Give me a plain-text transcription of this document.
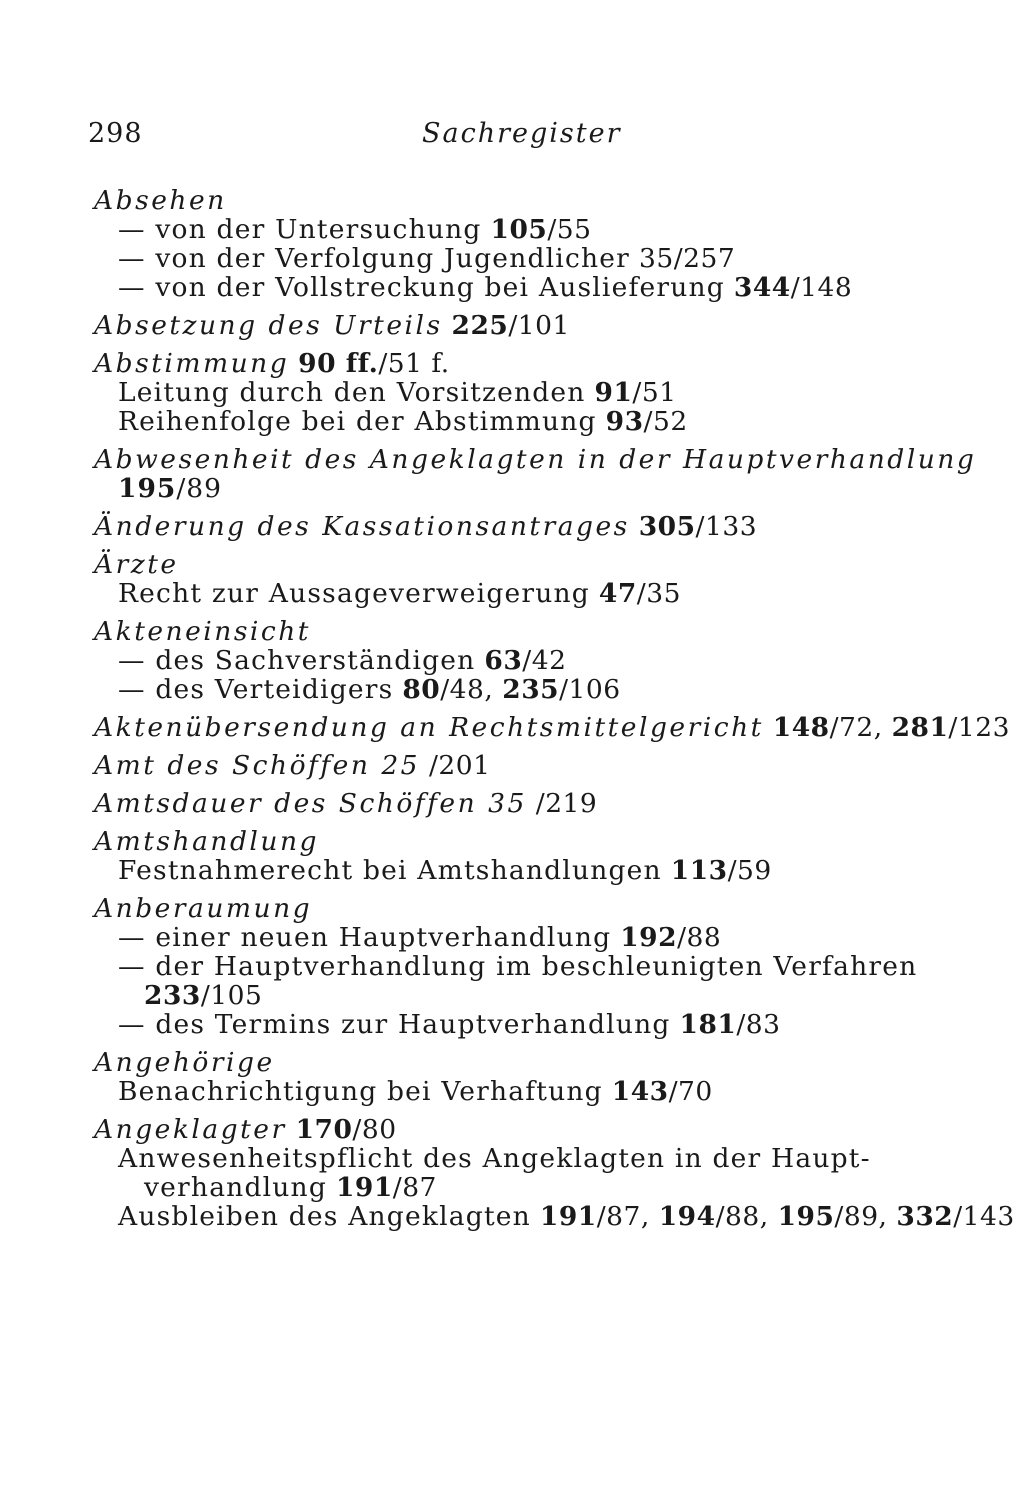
298	Sachregister
Absehen
— von der Untersuchung 105/55
— von der Verfolgung Jugendlicher 35/257
— von der Vollstreckung bei Auslieferung 344/148
Absetzung des Urteils 225/101
Abstimmung 90 ff./51 f.
Leitung durch den Vorsitzenden 91/51
Reihenfolge bei der Abstimmung 93/52
Abwesenheit des Angeklagten in der Hauptverhandlung
195/89
Änderung des Kassationsantrages 305/133
Ärzte
Recht zur Aussageverweigerung 47/35
Akteneinsicht
— des Sachverständigen 63/42
— des Verteidigers 80/48, 235/106
Aktenübersendung an Rechtsmittelgericht 148/72, 281/123
Amt des Schöffen 25 /201
Amtsdauer des Schöffen 35 /219
Amtshandlung
Festnahmerecht bei Amtshandlungen 113/59
Anberaumung
— einer neuen Hauptverhandlung 192/88
— der Hauptverhandlung im beschleunigten Verfahren
233/105
— des Termins zur Hauptverhandlung 181/83
Angehörige
Benachrichtigung bei Verhaftung 143/70
Angeklagter 170/80
Anwesenheitspflicht des Angeklagten in der Haupt-
verhandlung 191/87
Ausbleiben des Angeklagten 191/87, 194/88, 195/89, 332/143
